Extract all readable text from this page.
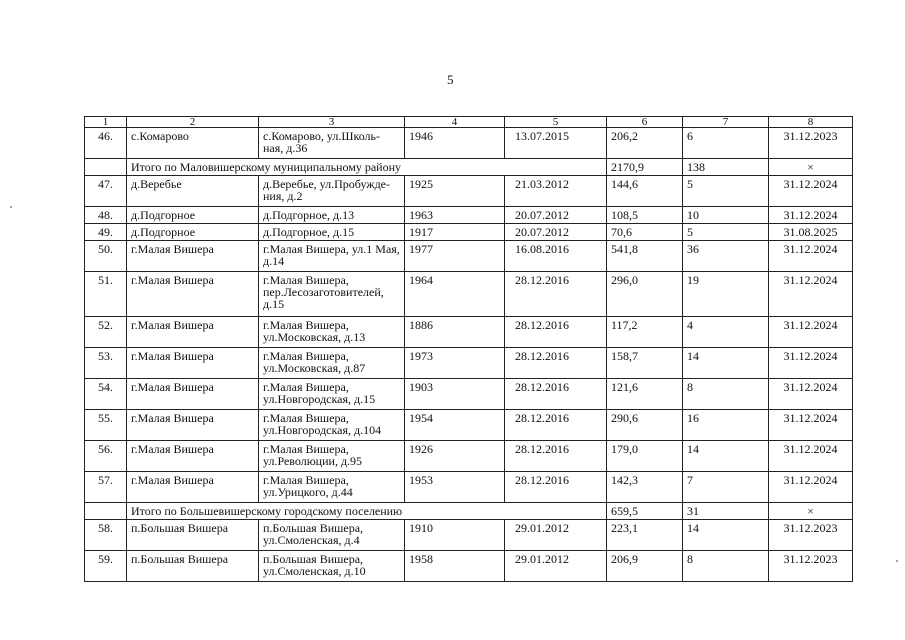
5
1	2	3	4	5	6	7	8
46.	с.Комарово	с.Комарово, ул.Школь-ная, д.36	1946	13.07.2015	206,2	6	31.12.2023
	Итого по Маловишерскому муниципальному району				2170,9	138	×
47.	д.Веребье	д.Веребье, ул.Пробужде-ния, д.2	1925	21.03.2012	144,6	5	31.12.2024
48.	д.Подгорное	д.Подгорное, д.13	1963	20.07.2012	108,5	10	31.12.2024
49.	д.Подгорное	д.Подгорное, д.15	1917	20.07.2012	70,6	5	31.08.2025
50.	г.Малая Вишера	г.Малая Вишера, ул.1 Мая, д.14	1977	16.08.2016	541,8	36	31.12.2024
51.	г.Малая Вишера	г.Малая Вишера, пер.Лесозаготовителей, д.15	1964	28.12.2016	296,0	19	31.12.2024
52.	г.Малая Вишера	г.Малая Вишера, ул.Московская, д.13	1886	28.12.2016	117,2	4	31.12.2024
53.	г.Малая Вишера	г.Малая Вишера, ул.Московская, д.87	1973	28.12.2016	158,7	14	31.12.2024
54.	г.Малая Вишера	г.Малая Вишера, ул.Новгородская, д.15	1903	28.12.2016	121,6	8	31.12.2024
55.	г.Малая Вишера	г.Малая Вишера, ул.Новгородская, д.104	1954	28.12.2016	290,6	16	31.12.2024
56.	г.Малая Вишера	г.Малая Вишера, ул.Революции, д.95	1926	28.12.2016	179,0	14	31.12.2024
57.	г.Малая Вишера	г.Малая Вишера, ул.Урицкого, д.44	1953	28.12.2016	142,3	7	31.12.2024
	Итого по Большевишерскому городскому поселению				659,5	31	×
58.	п.Большая Вишера	п.Большая Вишера, ул.Смоленская, д.4	1910	29.01.2012	223,1	14	31.12.2023
59.	п.Большая Вишера	п.Большая Вишера, ул.Смоленская, д.10	1958	29.01.2012	206,9	8	31.12.2023
